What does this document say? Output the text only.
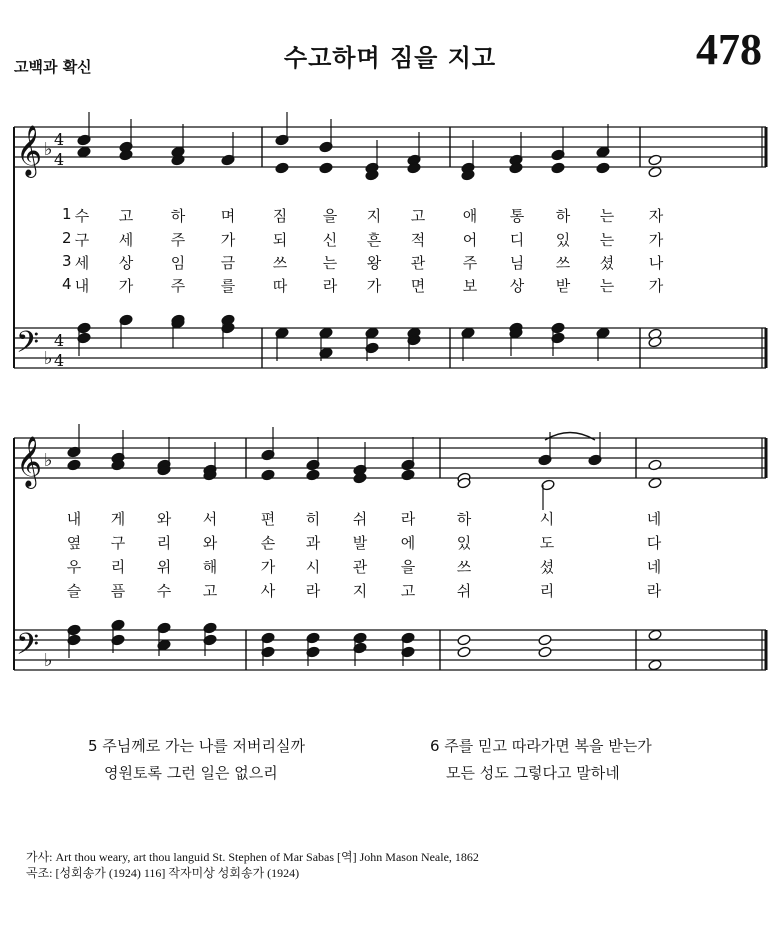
고백과 확신	수고하며 짐을 지고	478
𝄞
𝄢
♭
♭
4
4
4
4
𝄞
𝄢
♭
♭
1
2
3
4
수 고	하 며	짐 을 지 고	애 통 하 는 자
구 세	주 가	되 신 흔 적	어 디 있 는 가
세 상	임 금	쓰 는 왕 관	주 님 쓰 셨 나
내 가	주 를	따 라 가 면	보 상 받 는 가
내 게 와 서	편 히 쉬 라	하	시	네
옆 구 리 와	손 과 발 에	있	도	다
우 리 위 해	가 시 관 을	쓰	셨	네
슬 픔 수 고	사 라 지 고	쉬	리	라
5 주님께로 가는 나를 저버리실까
영원토록 그런 일은 없으리
6 주를 믿고 따라가면 복을 받는가
모든 성도 그렇다고 말하네
가사: Art thou weary, art thou languid St. Stephen of Mar Sabas [역] John Mason Neale, 1862
곡조: [성회송가 (1924) 116] 작자미상 성회송가 (1924)
